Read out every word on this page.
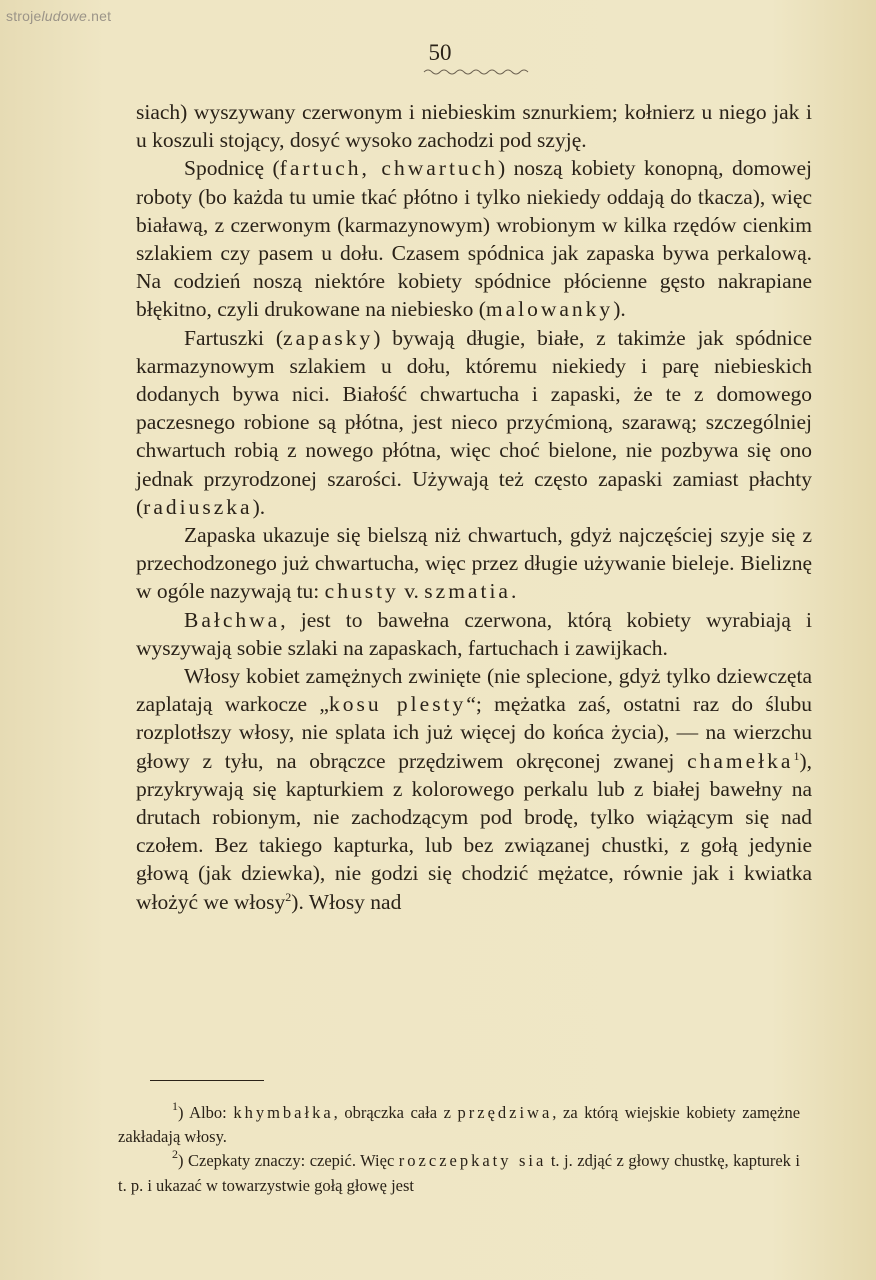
strojeludowe.net
50

siach) wyszywany czerwonym i niebieskim sznurkiem; kołnierz u niego jak i u koszuli stojący, dosyć wysoko zachodzi pod szyję.

Spodnicę (fartuch, chwartuch) noszą kobiety konopną, domowej roboty (bo każda tu umie tkać płótno i tylko niekiedy oddają do tkacza), więc białawą, z czerwonym (karmazynowym) wrobionym w kilka rzędów cienkim szlakiem czy pasem u dołu. Czasem spódnica jak zapaska bywa perkalową. Na codzień noszą niektóre kobiety spódnice płócienne gęsto nakrapiane błękitno, czyli drukowane na niebiesko (malowanky).

Fartuszki (zapasky) bywają długie, białe, z takimże jak spódnice karmazynowym szlakiem u dołu, któremu niekiedy i parę niebieskich dodanych bywa nici. Białość chwartucha i zapaski, że te z domowego paczesnego robione są płótna, jest nieco przyćmioną, szarawą; szczególniej chwartuch robią z nowego płótna, więc choć bielone, nie pozbywa się ono jednak przyrodzonej szarości. Używają też często zapaski zamiast płachty (radiuszka).

Zapaska ukazuje się bielszą niż chwartuch, gdyż najczęściej szyje się z przechodzonego już chwartucha, więc przez długie używanie bieleje. Bieliznę w ogóle nazywają tu: chusty v. szmatia.

Bałchwa, jest to bawełna czerwona, którą kobiety wyrabiają i wyszywają sobie szlaki na zapaskach, fartuchach i zawijkach.

Włosy kobiet zamężnych zwinięte (nie splecione, gdyż tylko dziewczęta zaplatają warkocze „kosu plesty“; mężatka zaś, ostatni raz do ślubu rozplotłszy włosy, nie splata ich już więcej do końca życia), — na wierzchu głowy z tyłu, na obrączce przędziwem okręconej zwanej chamełka$^1$), przykrywają się kapturkiem z kolorowego perkalu lub z białej bawełny na drutach robionym, nie zachodzącym pod brodę, tylko wiążącym się nad czołem. Bez takiego kapturka, lub bez związanej chustki, z gołą jedynie głową (jak dziewka), nie godzi się chodzić mężatce, równie jak i kwiatka włożyć we włosy$^2$). Włosy nad

$^1$) Albo: khymbałka, obrączka cała z przędziwa, za którą wiejskie kobiety zamężne zakładają włosy.

$^2$) Czepkaty znaczy: czepić. Więc rozczepkaty sia t. j. zdjąć z głowy chustkę, kapturek i t. p. i ukazać w towarzystwie gołą głowę jest
